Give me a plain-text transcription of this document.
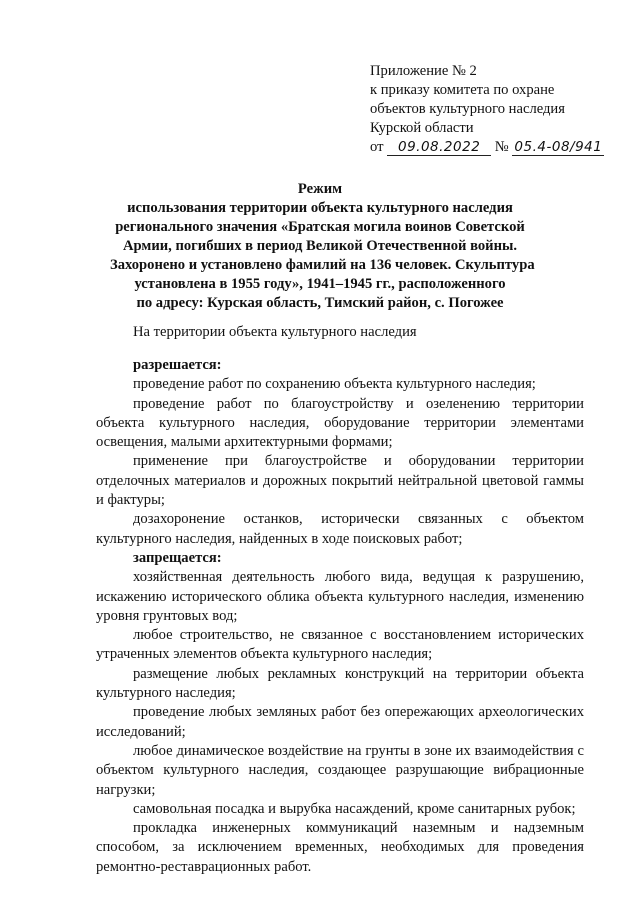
Приложение № 2
к приказу комитета по охране
объектов культурного наследия
Курской области
от 09.08.2022 № 05.4-08/941
Режим
использования территории объекта культурного наследия
регионального значения «Братская могила воинов Советской
Армии, погибших в период Великой Отечественной войны.
Захоронено и установлено фамилий на 136 человек. Скульптура
установлена в 1955 году», 1941–1945 гг., расположенного
по адресу: Курская область, Тимский район, с. Погожее
На территории объекта культурного наследия
разрешается:
проведение работ по сохранению объекта культурного наследия;
проведение работ по благоустройству и озеленению территории объекта культурного наследия, оборудование территории элементами освещения, малыми архитектурными формами;
применение при благоустройстве и оборудовании территории отделочных материалов и дорожных покрытий нейтральной цветовой гаммы и фактуры;
дозахоронение останков, исторически связанных с объектом культурного наследия, найденных в ходе поисковых работ;
запрещается:
хозяйственная деятельность любого вида, ведущая к разрушению, искажению исторического облика объекта культурного наследия, изменению уровня грунтовых вод;
любое строительство, не связанное с восстановлением исторических утраченных элементов объекта культурного наследия;
размещение любых рекламных конструкций на территории объекта культурного наследия;
проведение любых земляных работ без опережающих археологических исследований;
любое динамическое воздействие на грунты в зоне их взаимодействия с объектом культурного наследия, создающее разрушающие вибрационные нагрузки;
самовольная посадка и вырубка насаждений, кроме санитарных рубок;
прокладка инженерных коммуникаций наземным и надземным способом, за исключением временных, необходимых для проведения ремонтно-реставрационных работ.
